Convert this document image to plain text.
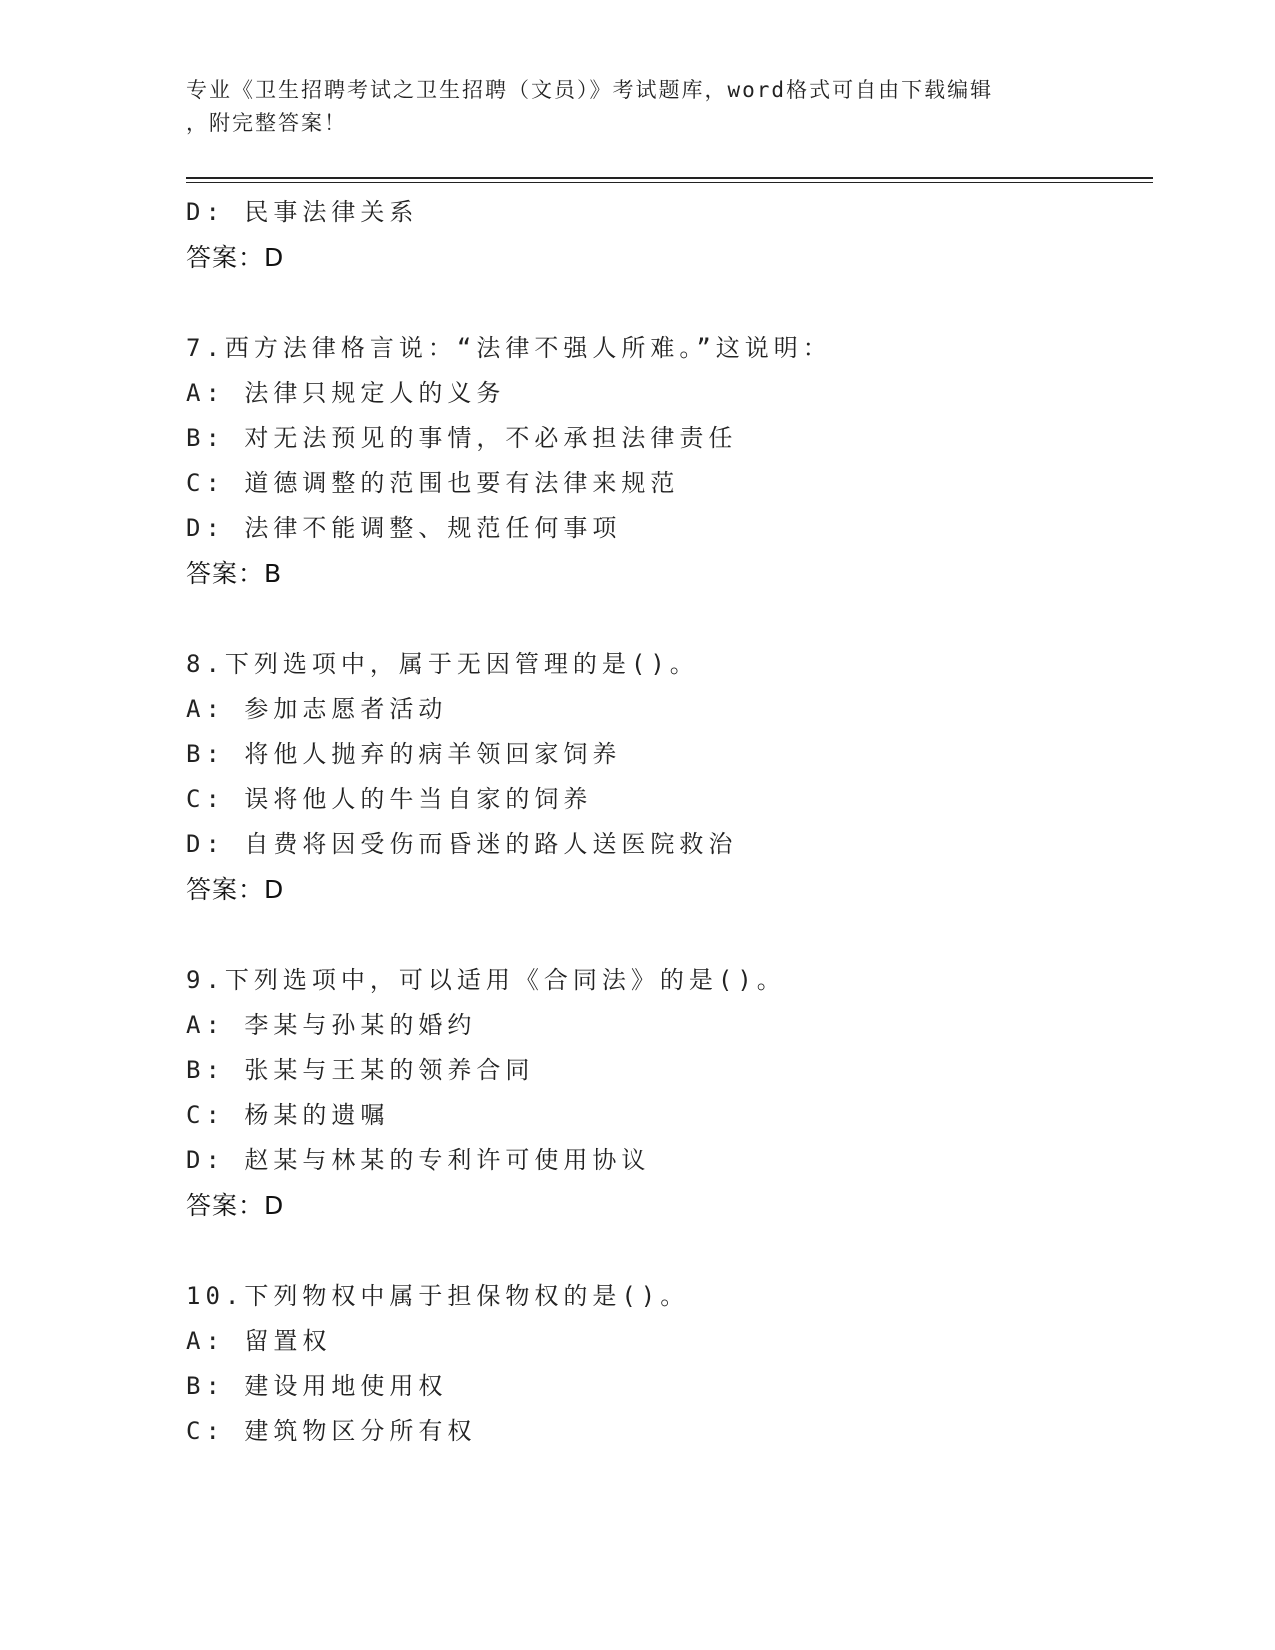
专业《卫生招聘考试之卫生招聘（文员）》考试题库，word格式可自由下载编辑
，附完整答案！
D: 民事法律关系
答案：D
7.西方法律格言说：“法律不强人所难。”这说明：
A: 法律只规定人的义务
B: 对无法预见的事情，不必承担法律责任
C: 道德调整的范围也要有法律来规范
D: 法律不能调整、规范任何事项
答案：B
8.下列选项中，属于无因管理的是()。
A: 参加志愿者活动
B: 将他人抛弃的病羊领回家饲养
C: 误将他人的牛当自家的饲养
D: 自费将因受伤而昏迷的路人送医院救治
答案：D
9.下列选项中，可以适用《合同法》的是()。
A: 李某与孙某的婚约
B: 张某与王某的领养合同
C: 杨某的遗嘱
D: 赵某与林某的专利许可使用协议
答案：D
10.下列物权中属于担保物权的是()。
A: 留置权
B: 建设用地使用权
C: 建筑物区分所有权
